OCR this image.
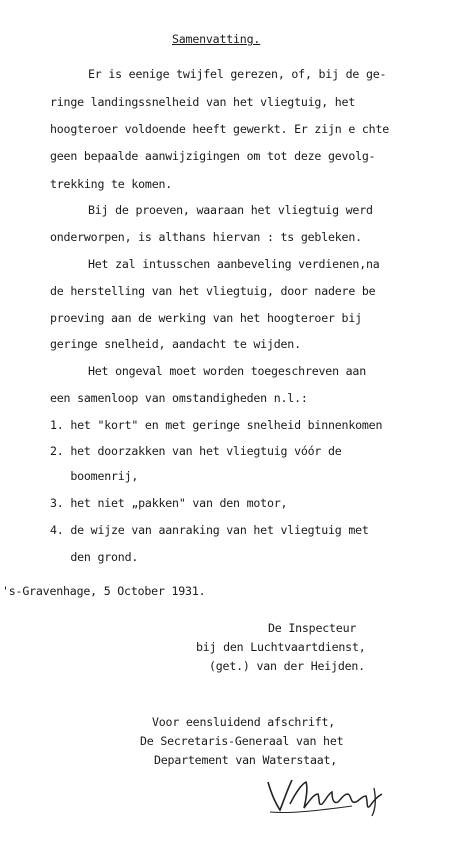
Samenvatting.
Er is eenige twijfel gerezen, of, bij de ge-
ringe landingssnelheid van het vliegtuig, het
hoogteroer voldoende heeft gewerkt. Er zijn e chte
geen bepaalde aanwijzigingen om tot deze gevolg-
trekking te komen.
Bij de proeven, waaraan het vliegtuig werd
onderworpen, is althans hiervan : ts gebleken.
Het zal intusschen aanbeveling verdienen,na
de herstelling van het vliegtuig, door nadere be
proeving aan de werking van het hoogteroer bij
geringe snelheid, aandacht te wijden.
Het ongeval moet worden toegeschreven aan
een samenloop van omstandigheden n.l.:
1. het "kort" en met geringe snelheid binnenkomen
2. het doorzakken van het vliegtuig vóór de
boomenrij,
3. het niet „pakken" van den motor,
4. de wijze van aanraking van het vliegtuig met
den grond.
's-Gravenhage, 5 October 1931.
De Inspecteur
bij den Luchtvaartdienst,
(get.) van der Heijden.
Voor eensluidend afschrift,
De Secretaris-Generaal van het
Departement van Waterstaat,
